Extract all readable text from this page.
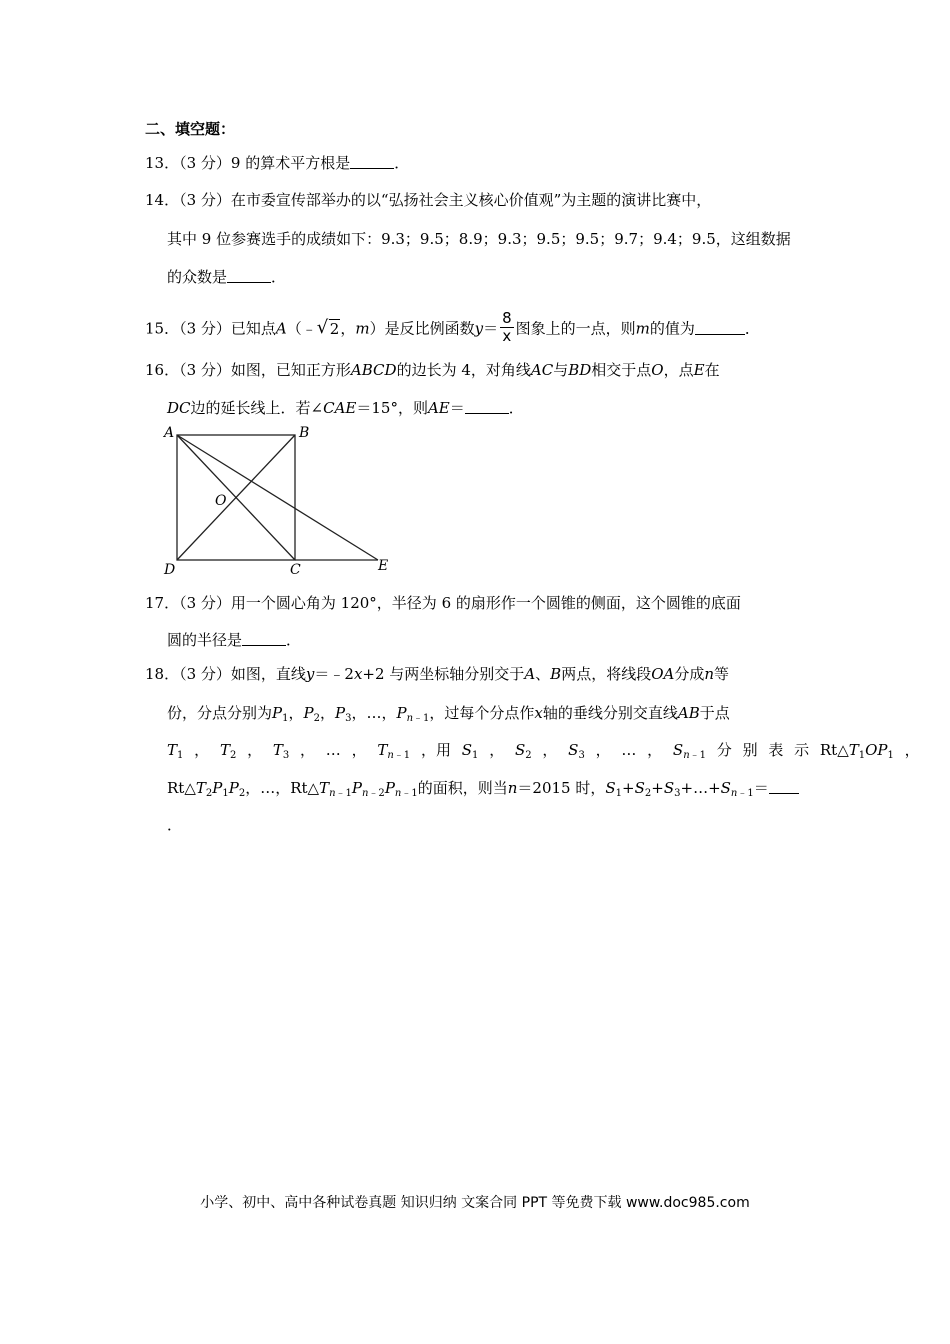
二、填空题：
13．（3 分）9 的算术平方根是	．
14．（3 分）在市委宣传部举办的以“弘扬社会主义核心价值观”为主题的演讲比赛中，
其中 9 位参赛选手的成绩如下：9.3；9.5；8.9；9.3；9.5；9.5；9.7；9.4；9.5，这组数据
的众数是	．
15．（3 分）已知点A（﹣ √ 2，m）是反比例函数$y= \frac{8}{x}$ 图象上的一点，则m的值为	．
16．（3 分）如图，已知正方形ABCD的边长为 4，对角线AC与BD相交于点O，点E在
DC边的延长线上．若∠CAE＝15°，则AE＝	．
A	B
C
D
O
E
17．（3 分）用一个圆心角为 120°，半径为 6 的扇形作一个圆锥的侧面，这个圆锥的底面
圆的半径是	．
18．（3 分）如图，直线y＝﹣2x+2 与两坐标轴分别交于A、B两点，将线段OA分成n等
份，分点分别为$P_1$，$P_2$，$P_3$，…，$P_{n﹣1}$，过每个分点作x轴的垂线分别交直线AB于点
$T_1$ ， $T_2$ ， $T_3$ ， … ， $T_{n﹣1}$ ，用 $S_1$ ， $S_2$ ， $S_3$ ， … ， $S_{n﹣1}$ 分 别 表 示 $Rt\triangle T_1OP_1$ ，
$Rt\triangle T_2P_1P_2$，…，$Rt\triangle T_{n﹣1}P_{n﹣2}P_{n﹣1}$的面积，则当n＝2015 时，$S_1+S_2+S_3+\dots+S_{n﹣1}=$
．
小学、初中、高中各种试卷真题 知识归纳 文案合同 PPT 等免费下载 www.doc985.com
